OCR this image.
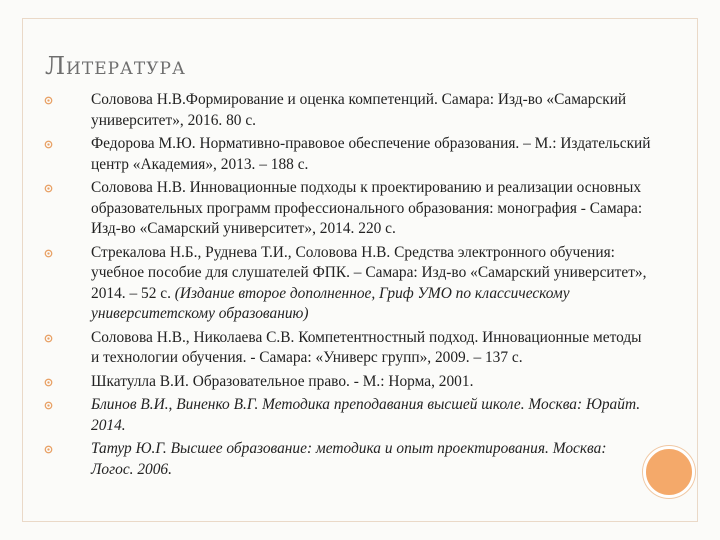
ЛИТЕРАТУРА
Соловова Н.В.Формирование и оценка компетенций. Самара: Изд-во «Самарский университет», 2016. 80 с.
Федорова М.Ю. Нормативно-правовое обеспечение образования. – М.: Издательский центр «Академия», 2013. – 188 с.
Соловова Н.В. Инновационные подходы к проектированию и реализации основных образовательных программ профессионального образования: монография - Самара: Изд-во «Самарский университет», 2014. 220 с.
Стрекалова Н.Б., Руднева Т.И., Соловова Н.В. Средства электронного обучения: учебное пособие для слушателей ФПК. – Самара: Изд-во «Самарский университет», 2014. – 52 с. (Издание второе дополненное, Гриф УМО по классическому университетскому образованию)
Соловова Н.В., Николаева С.В. Компетентностный подход. Инновационные методы и технологии обучения. - Самара: «Универс групп», 2009. – 137 с.
Шкатулла В.И. Образовательное право. - М.: Норма, 2001.
Блинов В.И., Виненко В.Г. Методика преподавания высшей школе. Москва: Юрайт. 2014.
Татур Ю.Г. Высшее образование: методика и опыт проектирования. Москва: Логос. 2006.
